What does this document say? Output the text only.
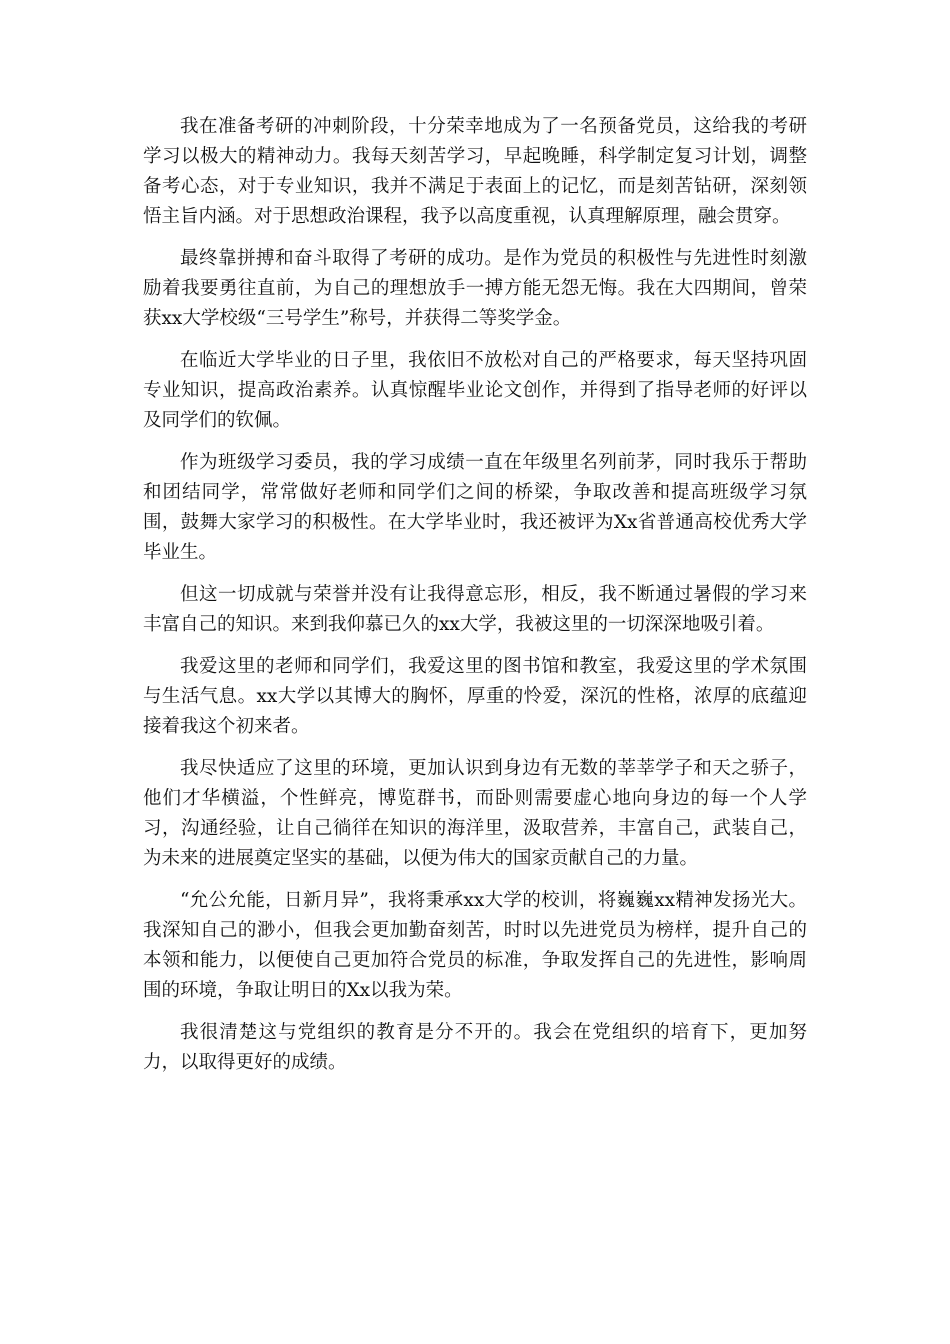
我在准备考研的冲刺阶段，十分荣幸地成为了一名预备党员，这给我的考研学习以极大的精神动力。我每天刻苦学习，早起晚睡，科学制定复习计划，调整备考心态，对于专业知识，我并不满足于表面上的记忆，而是刻苦钻研，深刻领悟主旨内涵。对于思想政治课程，我予以高度重视，认真理解原理，融会贯穿。

最终靠拼搏和奋斗取得了考研的成功。是作为党员的积极性与先进性时刻激励着我要勇往直前，为自己的理想放手一搏方能无怨无悔。我在大四期间，曾荣获xx大学校级“三号学生”称号，并获得二等奖学金。

在临近大学毕业的日子里，我依旧不放松对自己的严格要求，每天坚持巩固专业知识，提高政治素养。认真惊醒毕业论文创作，并得到了指导老师的好评以及同学们的钦佩。

作为班级学习委员，我的学习成绩一直在年级里名列前茅，同时我乐于帮助和团结同学，常常做好老师和同学们之间的桥梁，争取改善和提高班级学习氛围，鼓舞大家学习的积极性。在大学毕业时，我还被评为Xx省普通高校优秀大学毕业生。

但这一切成就与荣誉并没有让我得意忘形，相反，我不断通过暑假的学习来丰富自己的知识。来到我仰慕已久的xx大学，我被这里的一切深深地吸引着。

我爱这里的老师和同学们，我爱这里的图书馆和教室，我爱这里的学术氛围与生活气息。xx大学以其博大的胸怀，厚重的怜爱，深沉的性格，浓厚的底蕴迎接着我这个初来者。

我尽快适应了这里的环境，更加认识到身边有无数的莘莘学子和天之骄子，他们才华横溢，个性鲜亮，博览群书，而卧则需要虚心地向身边的每一个人学习，沟通经验，让自己徜徉在知识的海洋里，汲取营养，丰富自己，武装自己，为未来的进展奠定坚实的基础，以便为伟大的国家贡献自己的力量。

“允公允能，日新月异”，我将秉承xx大学的校训，将巍巍xx精神发扬光大。我深知自己的渺小，但我会更加勤奋刻苦，时时以先进党员为榜样，提升自己的本领和能力，以便使自己更加符合党员的标准，争取发挥自己的先进性，影响周围的环境，争取让明日的Xx以我为荣。

我很清楚这与党组织的教育是分不开的。我会在党组织的培育下，更加努力，以取得更好的成绩。
